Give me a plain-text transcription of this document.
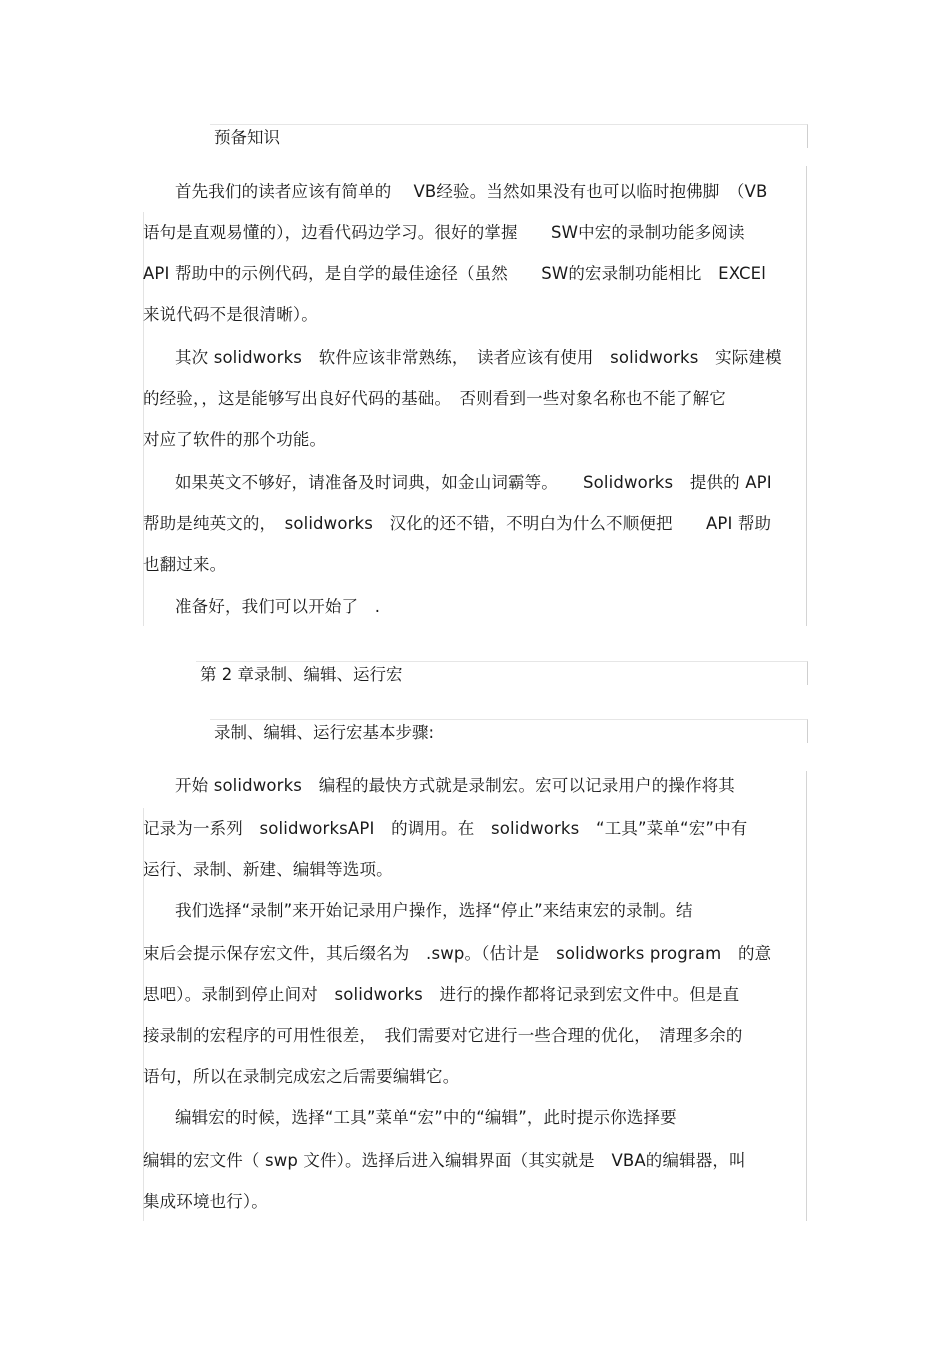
预备知识
首先我们的读者应该有简单的　 VB经验。当然如果没有也可以临时抱佛脚　（VB
语句是直观易懂的），边看代码边学习。很好的掌握　　SW中宏的录制功能多阅读
API 帮助中的示例代码，是自学的最佳途径（虽然　　SW的宏录制功能相比　EXCEl
来说代码不是很清晰）。
其次 solidworks　软件应该非常熟练，　读者应该有使用　solidworks　实际建模
的经验，，这是能够写出良好代码的基础。　否则看到一些对象名称也不能了解它
对应了软件的那个功能。
如果英文不够好，请准备及时词典，如金山词霸等。　　Solidworks　提供的 API
帮助是纯英文的，　solidworks　汉化的还不错，不明白为什么不顺便把　　API 帮助
也翻过来。
准备好，我们可以开始了　.
第 2 章录制、编辑、运行宏
录制、编辑、运行宏基本步骤:
开始 solidworks　编程的最快方式就是录制宏。宏可以记录用户的操作将其
记录为一系列　solidworksAPI　的调用。在　solidworks　“工具”菜单“宏”中有
运行、录制、新建、编辑等选项。
我们选择“录制”来开始记录用户操作，选择“停止”来结束宏的录制。结
束后会提示保存宏文件，其后缀名为　.swp。（估计是　solidworks program　的意
思吧）。录制到停止间对　solidworks　进行的操作都将记录到宏文件中。但是直
接录制的宏程序的可用性很差，　我们需要对它进行一些合理的优化，　清理多余的
语句，所以在录制完成宏之后需要编辑它。
编辑宏的时候，选择“工具”菜单“宏”中的“编辑”，此时提示你选择要
编辑的宏文件（ swp 文件）。选择后进入编辑界面（其实就是　VBA的编辑器，叫
集成环境也行）。
